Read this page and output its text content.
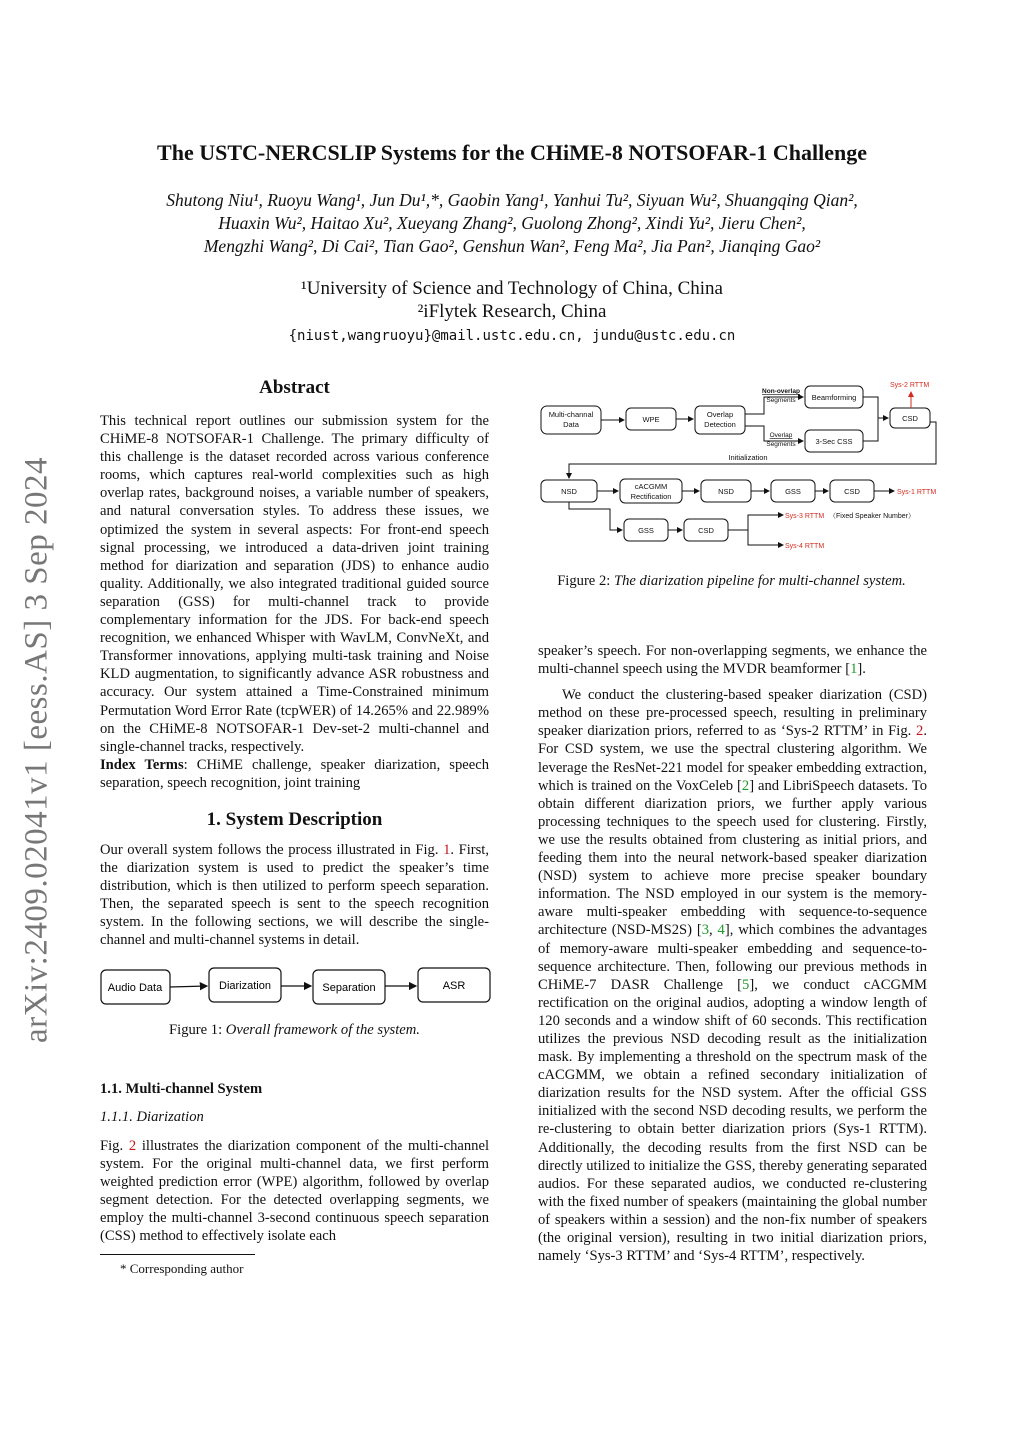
arXiv:2409.02041v1 [eess.AS] 3 Sep 2024
The USTC-NERCSLIP Systems for the CHiME-8 NOTSOFAR-1 Challenge
Shutong Niu¹, Ruoyu Wang¹, Jun Du¹,*, Gaobin Yang¹, Yanhui Tu², Siyuan Wu², Shuangqing Qian²,
Huaxin Wu², Haitao Xu², Xueyang Zhang², Guolong Zhong², Xindi Yu², Jieru Chen²,
Mengzhi Wang², Di Cai², Tian Gao², Genshun Wan², Feng Ma², Jia Pan², Jianqing Gao²
¹University of Science and Technology of China, China
²iFlytek Research, China
{niust,wangruoyu}@mail.ustc.edu.cn, jundu@ustc.edu.cn
Abstract

This technical report outlines our submission system for the CHiME-8 NOTSOFAR-1 Challenge. The primary difficulty of this challenge is the dataset recorded across various conference rooms, which captures real-world complexities such as high overlap rates, background noises, a variable number of speakers, and natural conversation styles. To address these issues, we optimized the system in several aspects: For front-end speech signal processing, we introduced a data-driven joint training method for diarization and separation (JDS) to enhance audio quality. Additionally, we also integrated traditional guided source separation (GSS) for multi-channel track to provide complementary information for the JDS. For back-end speech recognition, we enhanced Whisper with WavLM, ConvNeXt, and Transformer innovations, applying multi-task training and Noise KLD augmentation, to significantly advance ASR robustness and accuracy. Our system attained a Time-Constrained minimum Permutation Word Error Rate (tcpWER) of 14.265% and 22.989% on the CHiME-8 NOTSOFAR-1 Dev-set-2 multi-channel and single-channel tracks, respectively.

Index Terms: CHiME challenge, speaker diarization, speech separation, speech recognition, joint training

1. System Description

Our overall system follows the process illustrated in Fig. 1. First, the diarization system is used to predict the speaker’s time distribution, which is then utilized to perform speech separation. Then, the separated speech is sent to the speech recognition system. In the following sections, we will describe the single-channel and multi-channel systems in detail.

Audio Data	Diarization	Separation	ASR
Figure 1: Overall framework of the system.
1.1. Multi-channel System
1.1.1. Diarization

Fig. 2 illustrates the diarization component of the multi-channel system. For the original multi-channel data, we first perform weighted prediction error (WPE) algorithm, followed by overlap segment detection. For the detected overlapping segments, we employ the multi-channel 3-second continuous speech separation (CSS) method to effectively isolate each

* Corresponding author
Multi-channal
Data
WPE
Overlap
Detection
Beamforming
3-Sec CSS
CSD
NSD
cACGMM
Rectification
NSD	GSS	CSD
GSS	CSD
Non-overlap
Segments
Overlap
Segments
Initialization
Sys-2 RTTM
Sys-1 RTTM
Sys-3 RTTM
Sys-4 RTTM
（Fixed Speaker Number）
Figure 2: The diarization pipeline for multi-channel system.

speaker’s speech. For non-overlapping segments, we enhance the multi-channel speech using the MVDR beamformer [1].

We conduct the clustering-based speaker diarization (CSD) method on these pre-processed speech, resulting in preliminary speaker diarization priors, referred to as ‘Sys-2 RTTM’ in Fig. 2. For CSD system, we use the spectral clustering algorithm. We leverage the ResNet-221 model for speaker embedding extraction, which is trained on the VoxCeleb [2] and LibriSpeech datasets. To obtain different diarization priors, we further apply various processing techniques to the speech used for clustering. Firstly, we use the results obtained from clustering as initial priors, and feeding them into the neural network-based speaker diarization (NSD) system to achieve more precise speaker boundary information. The NSD employed in our system is the memory-aware multi-speaker embedding with sequence-to-sequence architecture (NSD-MS2S) [3, 4], which combines the advantages of memory-aware multi-speaker embedding and sequence-to-sequence architecture. Then, following our previous methods in CHiME-7 DASR Challenge [5], we conduct cACGMM rectification on the original audios, adopting a window length of 120 seconds and a window shift of 60 seconds. This rectification utilizes the previous NSD decoding result as the initialization mask. By implementing a threshold on the spectrum mask of the cACGMM, we obtain a refined secondary initialization of diarization results for the NSD system. After the official GSS initialized with the second NSD decoding results, we perform the re-clustering to obtain better diarization priors (Sys-1 RTTM). Additionally, the decoding results from the first NSD can be directly utilized to initialize the GSS, thereby generating separated audios. For these separated audios, we conducted re-clustering with the fixed number of speakers (maintaining the global number of speakers within a session) and the non-fix number of speakers (the original version), resulting in two initial diarization priors, namely ‘Sys-3 RTTM’ and ‘Sys-4 RTTM’, respectively.
